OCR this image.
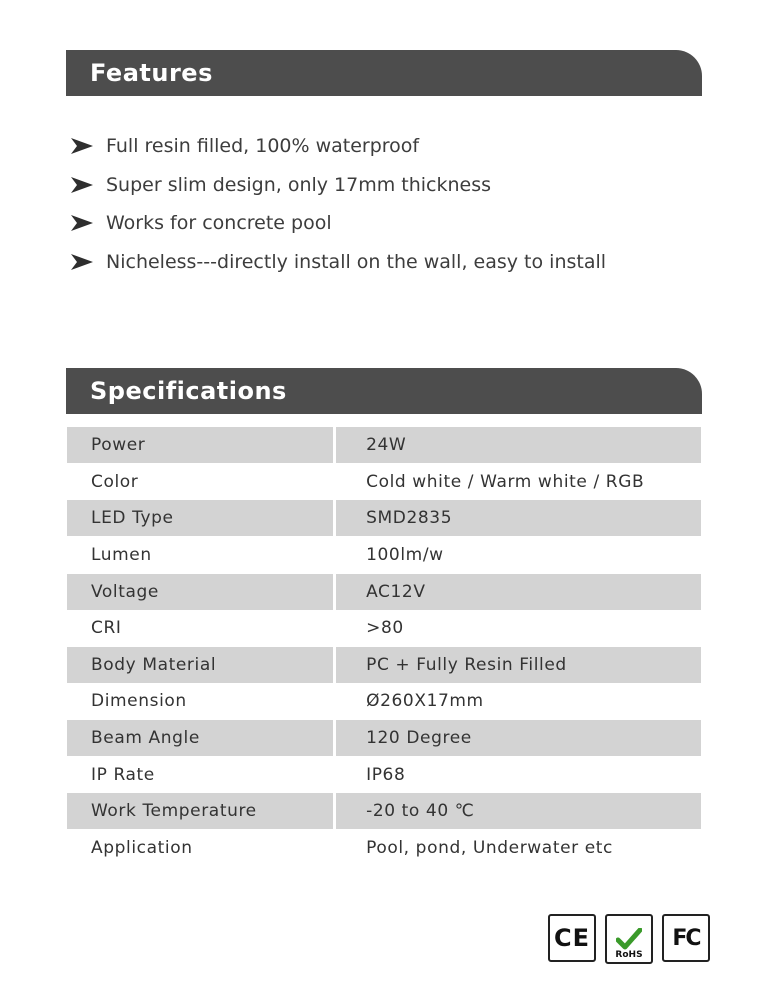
Features
Full resin filled, 100% waterproof
Super slim design, only 17mm thickness
Works for concrete pool
Nicheless---directly install on the wall, easy to install
Specifications
Power	24W
Color	Cold white / Warm white / RGB
LED Type	SMD2835
Lumen	100lm/w
Voltage	AC12V
CRI	>80
Body Material	PC + Fully Resin Filled
Dimension	Ø260X17mm
Beam Angle	120 Degree
IP Rate	IP68
Work Temperature	-20 to 40 ℃
Application	Pool, pond, Underwater etc
CE
RoHS
FC
